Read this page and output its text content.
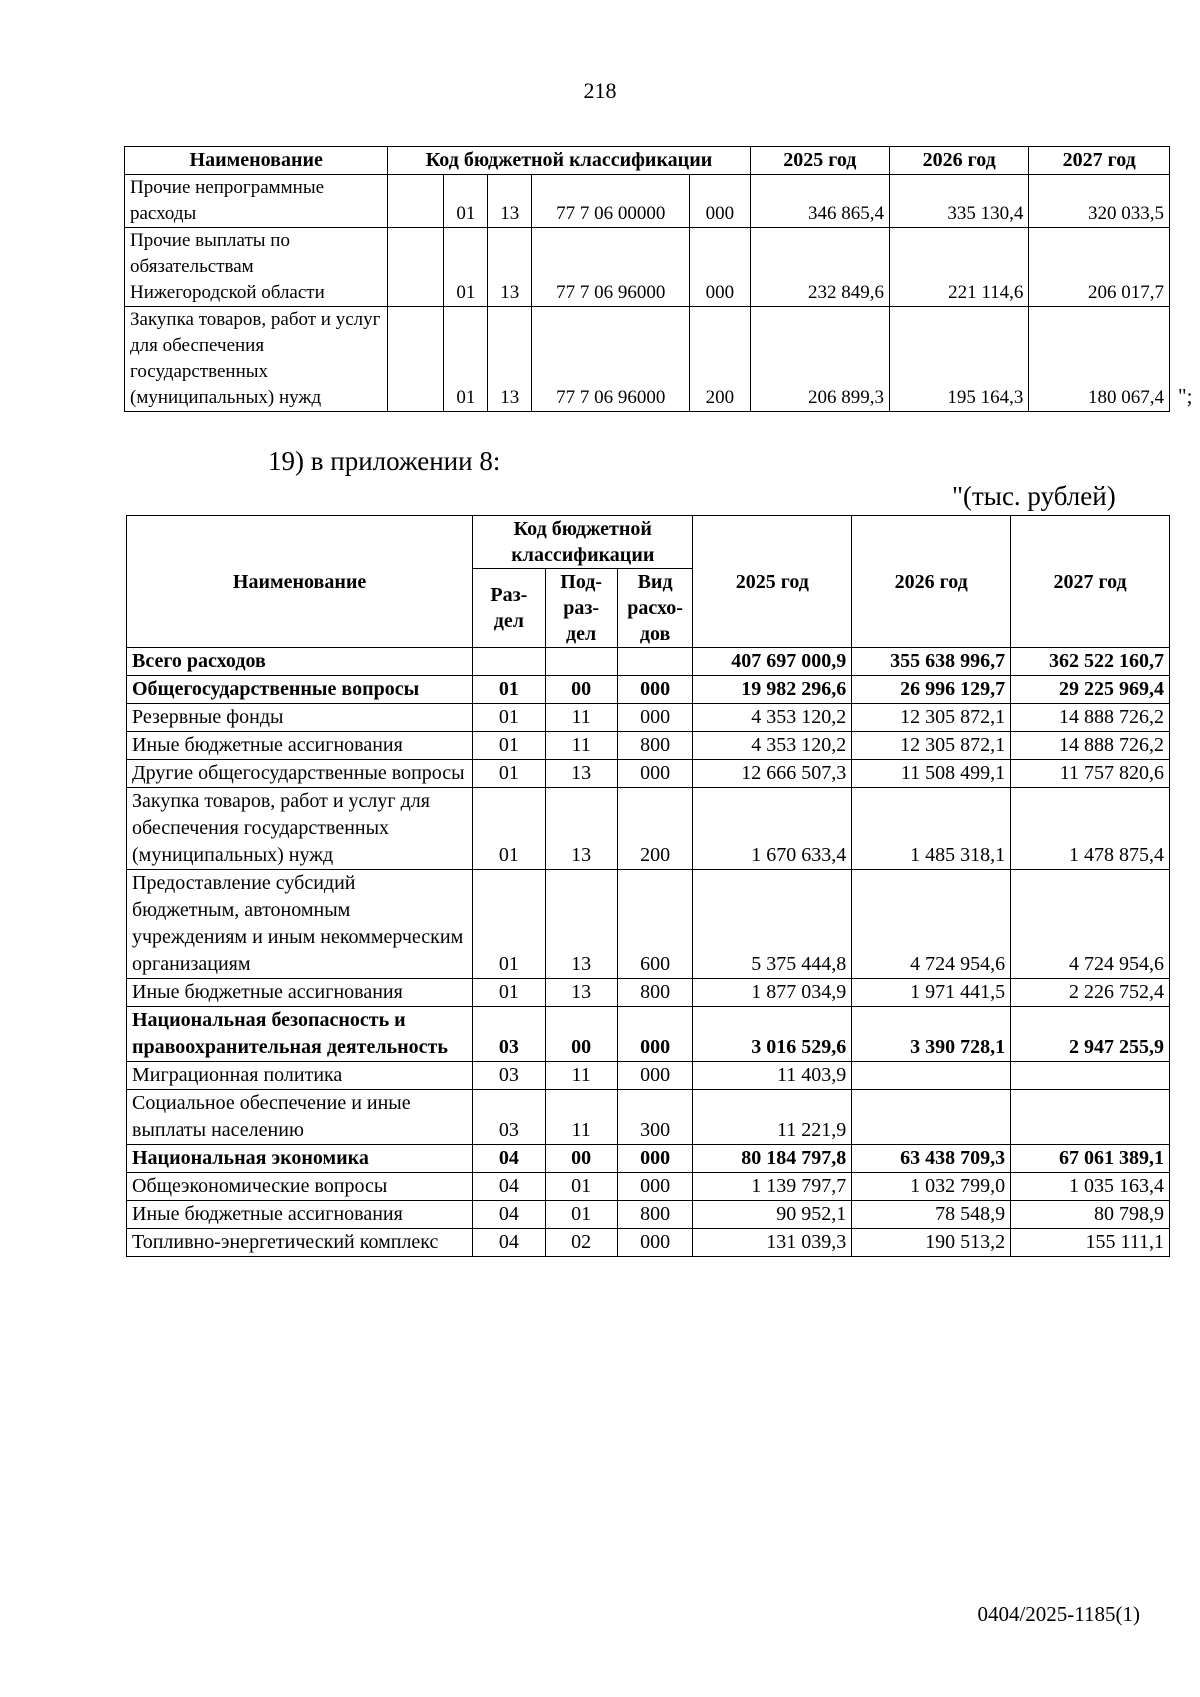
218
Наименование	Код бюджетной классификации					2025 год	2026 год	2027 год
Прочие непрограммные расходы		01	13	77 7 06 00000	000	346 865,4	335 130,4	320 033,5
Прочие выплаты по обязательствам Нижегородской области		01	13	77 7 06 96000	000	232 849,6	221 114,6	206 017,7
Закупка товаров, работ и услуг для обеспечения государственных (муниципальных) нужд		01	13	77 7 06 96000	200	206 899,3	195 164,3	180 067,4 ";
19) в приложении 8:
"(тыс. рублей)
Наименование	Код бюджетной классификации			2025 год	2026 год	2027 год
	Раз- дел	Под- раз- дел	Вид расхо- дов			
Всего расходов				407 697 000,9	355 638 996,7	362 522 160,7
Общегосударственные вопросы	01	00	000	19 982 296,6	26 996 129,7	29 225 969,4
Резервные фонды	01	11	000	4 353 120,2	12 305 872,1	14 888 726,2
Иные бюджетные ассигнования	01	11	800	4 353 120,2	12 305 872,1	14 888 726,2
Другие общегосударственные вопросы	01	13	000	12 666 507,3	11 508 499,1	11 757 820,6
Закупка товаров, работ и услуг для обеспечения государственных (муниципальных) нужд	01	13	200	1 670 633,4	1 485 318,1	1 478 875,4
Предоставление субсидий бюджетным, автономным учреждениям и иным некоммерческим организациям	01	13	600	5 375 444,8	4 724 954,6	4 724 954,6
Иные бюджетные ассигнования	01	13	800	1 877 034,9	1 971 441,5	2 226 752,4
Национальная безопасность и правоохранительная деятельность	03	00	000	3 016 529,6	3 390 728,1	2 947 255,9
Миграционная политика	03	11	000	11 403,9		
Социальное обеспечение и иные выплаты населению	03	11	300	11 221,9		
Национальная экономика	04	00	000	80 184 797,8	63 438 709,3	67 061 389,1
Общеэкономические вопросы	04	01	000	1 139 797,7	1 032 799,0	1 035 163,4
Иные бюджетные ассигнования	04	01	800	90 952,1	78 548,9	80 798,9
Топливно-энергетический комплекс	04	02	000	131 039,3	190 513,2	155 111,1
0404/2025-1185(1)
